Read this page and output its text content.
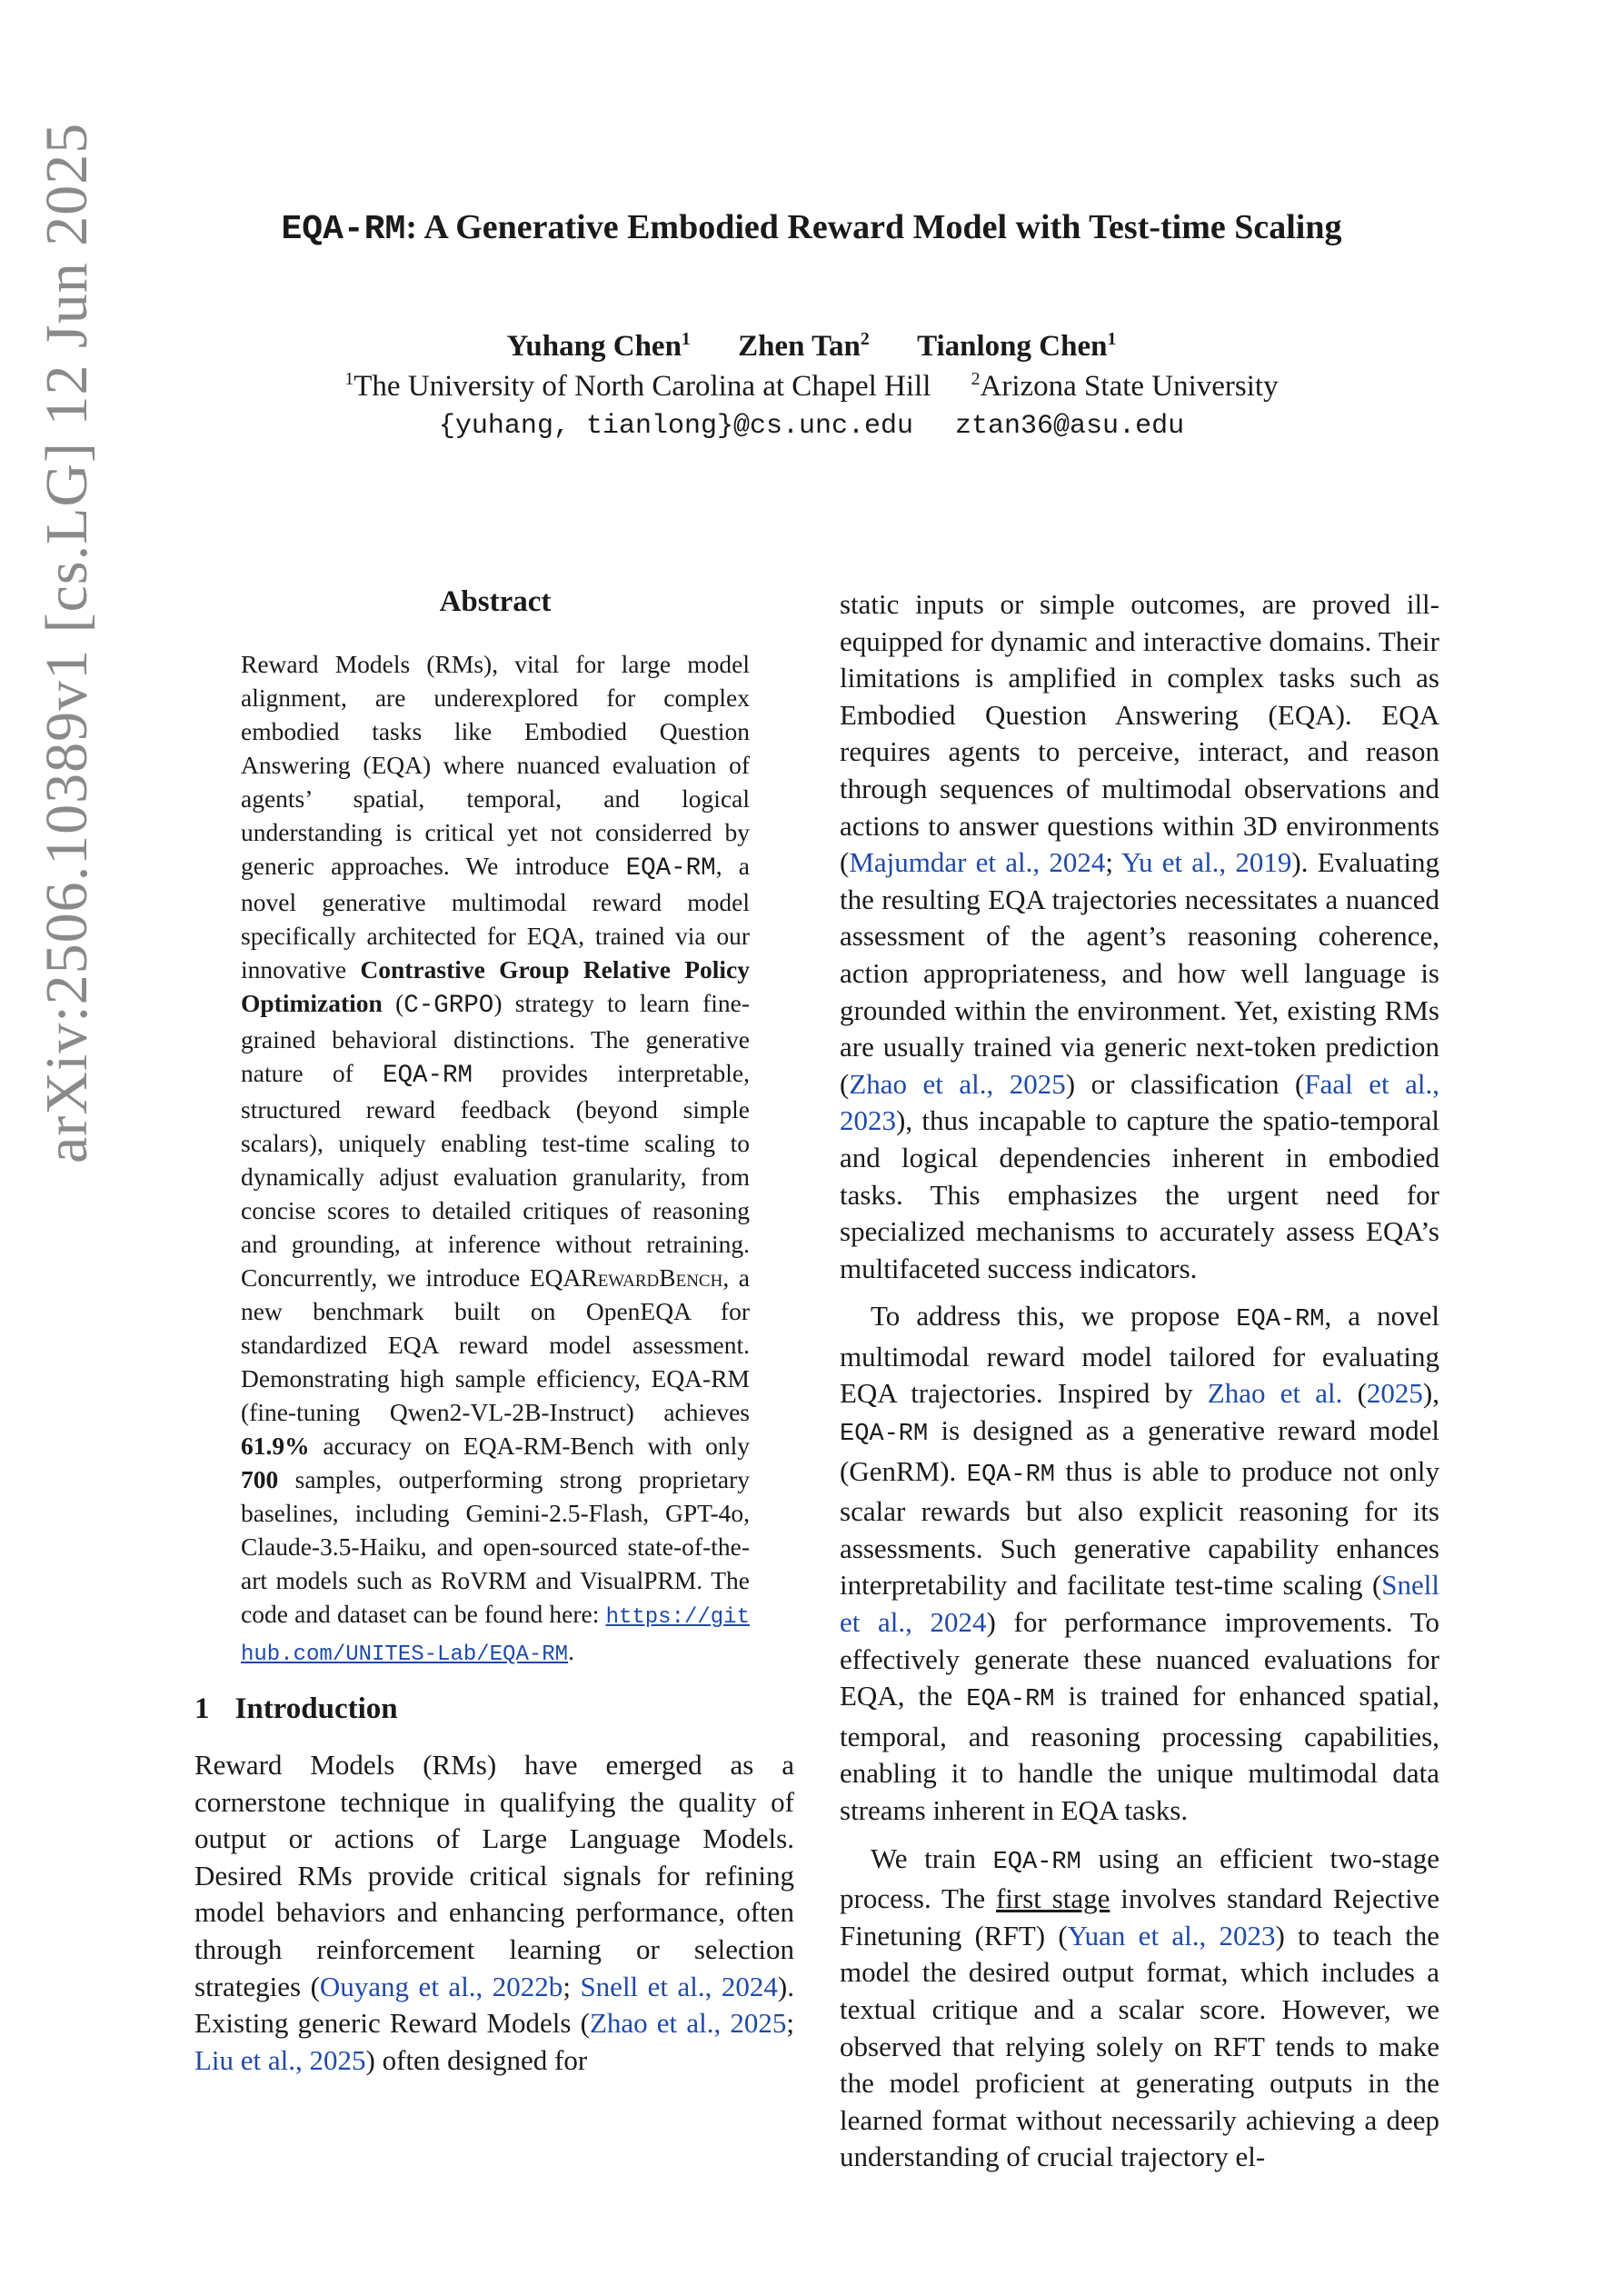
arXiv:2506.10389v1 [cs.LG] 12 Jun 2025	EQA-RM: A Generative Embodied Reward Model with Test-time Scaling
Yuhang Chen$^1$ Zhen Tan$^2$ Tianlong Chen$^1$
$^1$The University of North Carolina at Chapel Hill $^2$Arizona State University
{yuhang, tianlong}@cs.unc.edu ztan36@asu.edu
Abstract

Reward Models (RMs), vital for large model alignment, are underexplored for complex embodied tasks like Embodied Question Answering (EQA) where nuanced evaluation of agents’ spatial, temporal, and logical understanding is critical yet not considerred by generic approaches. We introduce EQA-RM, a novel generative multimodal reward model specifically architected for EQA, trained via our innovative Contrastive Group Relative Policy Optimization (C-GRPO) strategy to learn fine-grained behavioral distinctions. The generative nature of EQA-RM provides interpretable, structured reward feedback (beyond simple scalars), uniquely enabling test-time scaling to dynamically adjust evaluation granularity, from concise scores to detailed critiques of reasoning and grounding, at inference without retraining. Concurrently, we introduce EQARewardBench, a new benchmark built on OpenEQA for standardized EQA reward model assessment. Demonstrating high sample efficiency, EQA-RM (fine-tuning Qwen2-VL-2B-Instruct) achieves 61.9% accuracy on EQA-RM-Bench with only 700 samples, outperforming strong proprietary baselines, including Gemini-2.5-Flash, GPT-4o, Claude-3.5-Haiku, and open-sourced state-of-the-art models such as RoVRM and VisualPRM. The code and dataset can be found here: https://github.com/UNITES-Lab/EQA-RM.

1 Introduction

Reward Models (RMs) have emerged as a cornerstone technique in qualifying the quality of output or actions of Large Language Models. Desired RMs provide critical signals for refining model behaviors and enhancing performance, often through reinforcement learning or selection strategies (Ouyang et al., 2022b; Snell et al., 2024). Existing generic Reward Models (Zhao et al., 2025; Liu et al., 2025) often designed for

static inputs or simple outcomes, are proved ill-equipped for dynamic and interactive domains. Their limitations is amplified in complex tasks such as Embodied Question Answering (EQA). EQA requires agents to perceive, interact, and reason through sequences of multimodal observations and actions to answer questions within 3D environments (Majumdar et al., 2024; Yu et al., 2019). Evaluating the resulting EQA trajectories necessitates a nuanced assessment of the agent’s reasoning coherence, action appropriateness, and how well language is grounded within the environment. Yet, existing RMs are usually trained via generic next-token prediction (Zhao et al., 2025) or classification (Faal et al., 2023), thus incapable to capture the spatio-temporal and logical dependencies inherent in embodied tasks. This emphasizes the urgent need for specialized mechanisms to accurately assess EQA’s multifaceted success indicators.

To address this, we propose EQA-RM, a novel multimodal reward model tailored for evaluating EQA trajectories. Inspired by Zhao et al. (2025), EQA-RM is designed as a generative reward model (GenRM). EQA-RM thus is able to produce not only scalar rewards but also explicit reasoning for its assessments. Such generative capability enhances interpretability and facilitate test-time scaling (Snell et al., 2024) for performance improvements. To effectively generate these nuanced evaluations for EQA, the EQA-RM is trained for enhanced spatial, temporal, and reasoning processing capabilities, enabling it to handle the unique multimodal data streams inherent in EQA tasks.

We train EQA-RM using an efficient two-stage process. The first stage involves standard Rejective Finetuning (RFT) (Yuan et al., 2023) to teach the model the desired output format, which includes a textual critique and a scalar score. However, we observed that relying solely on RFT tends to make the model proficient at generating outputs in the learned format without necessarily achieving a deep understanding of crucial trajectory el-
